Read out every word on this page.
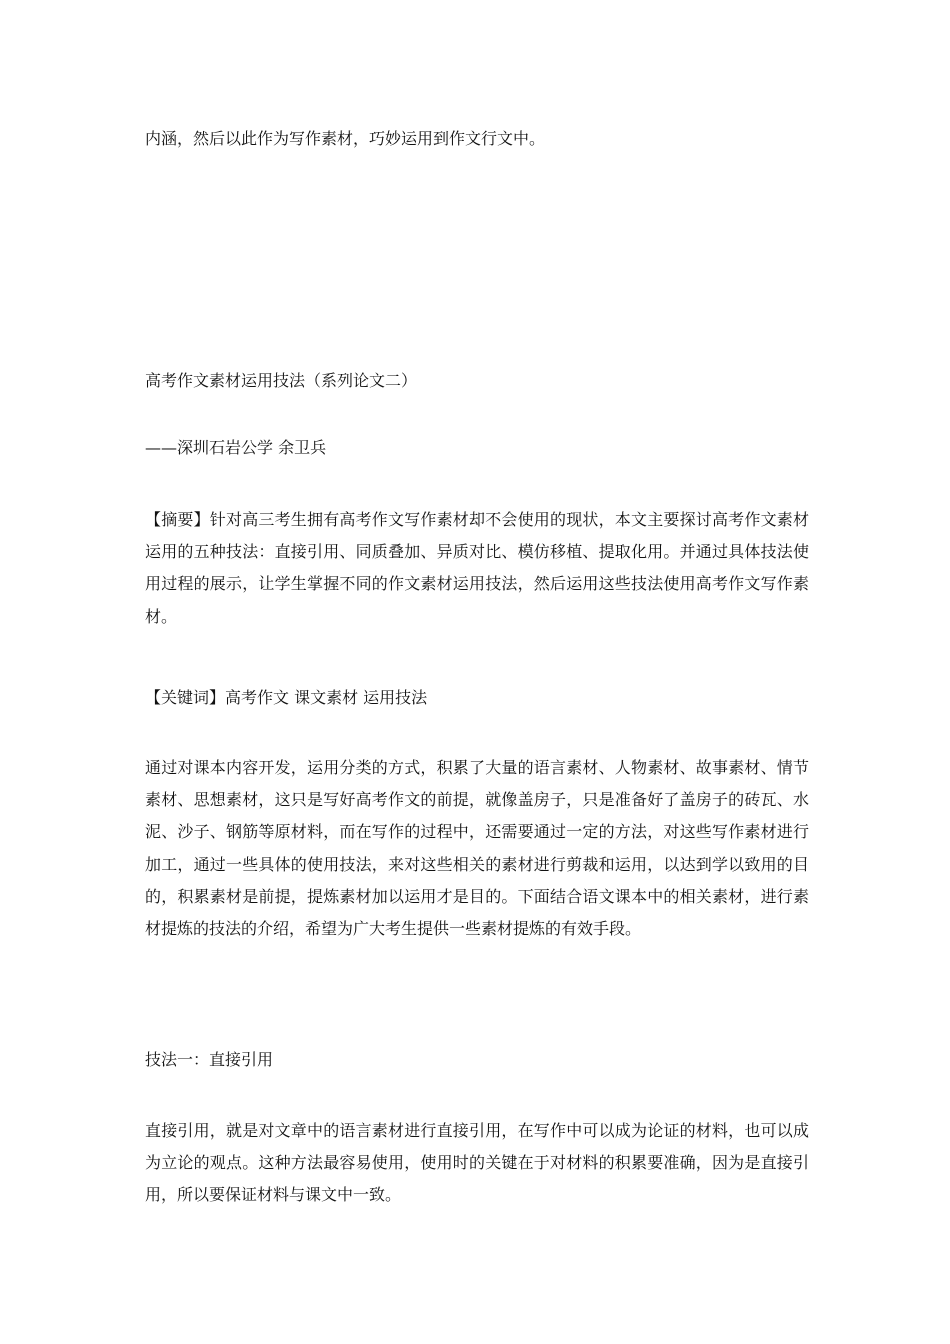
内涵，然后以此作为写作素材，巧妙运用到作文行文中。

高考作文素材运用技法（系列论文二）

——深圳石岩公学 余卫兵

【摘要】针对高三考生拥有高考作文写作素材却不会使用的现状，本文主要探讨高考作文素材运用的五种技法：直接引用、同质叠加、异质对比、模仿移植、提取化用。并通过具体技法使用过程的展示，让学生掌握不同的作文素材运用技法，然后运用这些技法使用高考作文写作素材。

【关键词】高考作文 课文素材 运用技法

通过对课本内容开发，运用分类的方式，积累了大量的语言素材、人物素材、故事素材、情节素材、思想素材，这只是写好高考作文的前提，就像盖房子，只是准备好了盖房子的砖瓦、水泥、沙子、钢筋等原材料，而在写作的过程中，还需要通过一定的方法，对这些写作素材进行加工，通过一些具体的使用技法，来对这些相关的素材进行剪裁和运用，以达到学以致用的目的，积累素材是前提，提炼素材加以运用才是目的。下面结合语文课本中的相关素材，进行素材提炼的技法的介绍，希望为广大考生提供一些素材提炼的有效手段。

技法一：直接引用

直接引用，就是对文章中的语言素材进行直接引用，在写作中可以成为论证的材料，也可以成为立论的观点。这种方法最容易使用，使用时的关键在于对材料的积累要准确，因为是直接引用，所以要保证材料与课文中一致。
